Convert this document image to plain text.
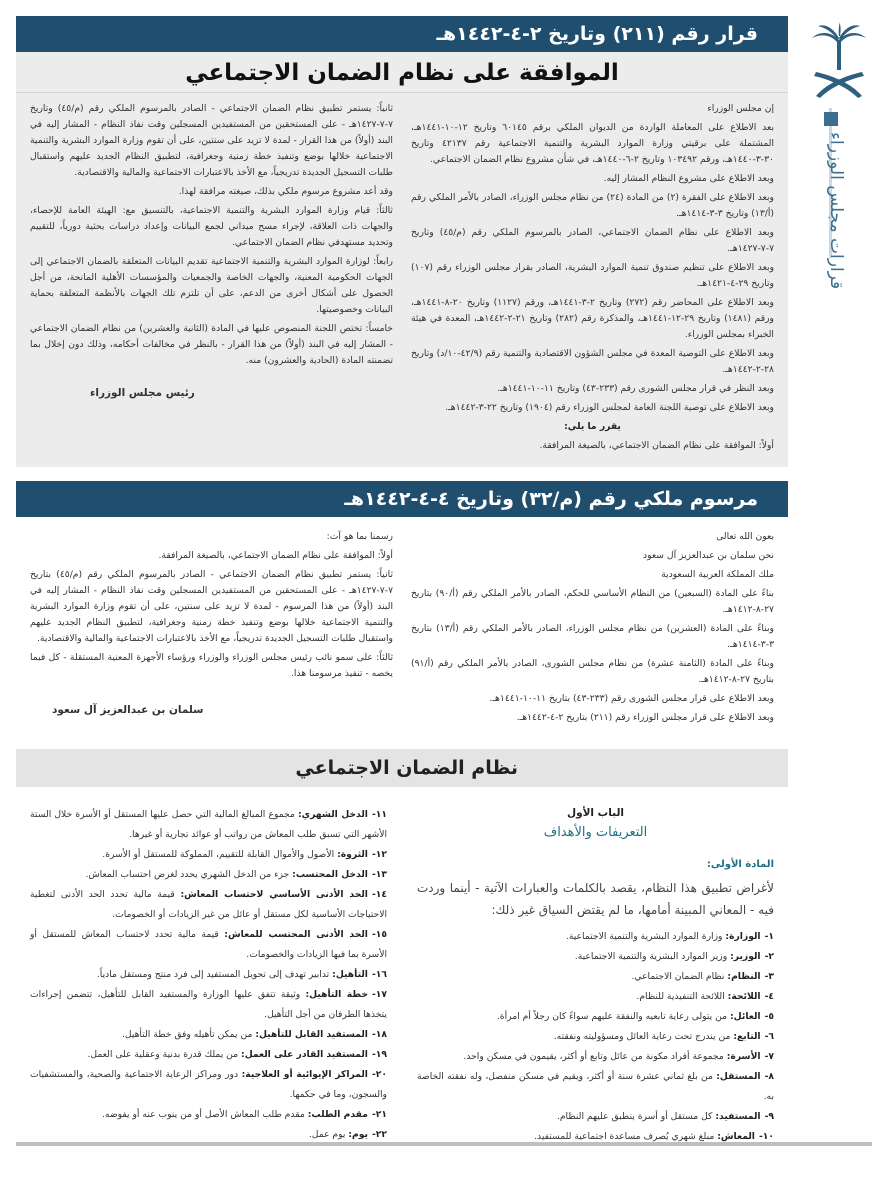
قرارات مجلس الوزراء
قرار رقم (٢١١) وتاريخ ٢-٤-١٤٤٢هـ
الموافقة على نظام الضمان الاجتماعي

إن مجلس الوزراء

بعد الاطلاع على المعاملة الواردة من الديوان الملكي برقم ٦٠١٤٥ وتاريخ ١٢-١٠-١٤٤١هـ، المشتملة على برقيتي وزارة الموارد البشرية والتنمية الاجتماعية رقم ٤٢١٣٧ وتاريخ ٣٠-٣-١٤٤٠هـ، ورقم ١٠٣٤٩٢ وتاريخ ٢-٦-١٤٤٠هـ، في شأن مشروع نظام الضمان الاجتماعي.

وبعد الاطلاع على مشروع النظام المشار إليه.

وبعد الاطلاع على الفقرة (٢) من المادة (٢٤) من نظام مجلس الوزراء، الصادر بالأمر الملكي رقم (أ/١٣) وتاريخ ٣-٣-١٤١٤هـ.

وبعد الاطلاع على نظام الضمان الاجتماعي، الصادر بالمرسوم الملكي رقم (م/٤٥) وتاريخ ٧-٧-١٤٢٧هـ.

وبعد الاطلاع على تنظيم صندوق تنمية الموارد البشرية، الصادر بقرار مجلس الوزراء رقم (١٠٧) وتاريخ ٢٩-٤-١٤٢١هـ.

وبعد الاطلاع على المحاضر رقم (٢٧٢) وتاريخ ٢-٣-١٤٤١هـ، ورقم (١١٢٧) وتاريخ ٢٠-٨-١٤٤١هـ، ورقم (١٤٨١) وتاريخ ٢٩-١٢-١٤٤١هـ، والمذكرة رقم (٢٨٢) وتاريخ ٢١-٢-١٤٤٢هـ، المعدة في هيئة الخبراء بمجلس الوزراء.

وبعد الاطلاع على التوصية المعدة في مجلس الشؤون الاقتصادية والتنمية رقم (٤٢/٩-١٠/د) وتاريخ ٢٨-٢-١٤٤٢هـ.

وبعد النظر في قرار مجلس الشورى رقم (٢٣٣-٤٣) وتاريخ ١١-١٠-١٤٤١هـ.

وبعد الاطلاع على توصية اللجنة العامة لمجلس الوزراء رقم (١٩٠٤) وتاريخ ٢٢-٣-١٤٤٢هـ.

يقرر ما يلي:

أولاً: الموافقة على نظام الضمان الاجتماعي، بالصيغة المرافقة.

ثانياً: يستمر تطبيق نظام الضمان الاجتماعي - الصادر بالمرسوم الملكي رقم (م/٤٥) وتاريخ ٧-٧-١٤٢٧هـ - على المستحقين من المستفيدين المسجلين وقت نفاذ النظام - المشار إليه في البند (أولاً) من هذا القرار - لمدة لا تزيد على سنتين، على أن تقوم وزارة الموارد البشرية والتنمية الاجتماعية خلالها بوضع وتنفيذ خطة زمنية وجغرافية، لتطبيق النظام الجديد عليهم واستقبال طلبات التسجيل الجديدة تدريجياً، مع الأخذ بالاعتبارات الاجتماعية والمالية والاقتصادية.

وقد أعد مشروع مرسوم ملكي بذلك، صيغته مرافقة لهذا.

ثالثاً: قيام وزارة الموارد البشرية والتنمية الاجتماعية، بالتنسيق مع: الهيئة العامة للإحصاء، والجهات ذات العلاقة، لإجراء مسح ميداني لجمع البيانات وإعداد دراسات بحثية دورياً، للتقييم وتحديد مستهدفي نظام الضمان الاجتماعي.

رابعاً: لوزارة الموارد البشرية والتنمية الاجتماعية تقديم البيانات المتعلقة بالضمان الاجتماعي إلى الجهات الحكومية المعنية، والجهات الخاصة والجمعيات والمؤسسات الأهلية المانحة، من أجل الحصول على أشكال أخرى من الدعم، على أن تلتزم تلك الجهات بالأنظمة المتعلقة بحماية البيانات وخصوصيتها.

خامساً: تختص اللجنة المنصوص عليها في المادة (الثانية والعشرين) من نظام الضمان الاجتماعي - المشار إليه في البند (أولاً) من هذا القرار - بالنظر في مخالفات أحكامه، وذلك دون إخلال بما تضمنته المادة (الحادية والعشرون) منه.

رئيس مجلس الوزراء
مرسوم ملكي رقم (م/٣٢) وتاريخ ٤-٤-١٤٤٢هـ

بعون الله تعالى

نحن سلمان بن عبدالعزيز آل سعود

ملك المملكة العربية السعودية

بناءً على المادة (السبعين) من النظام الأساسي للحكم، الصادر بالأمر الملكي رقم (أ/٩٠) بتاريخ ٢٧-٨-١٤١٢هـ.

وبناءً على المادة (العشرين) من نظام مجلس الوزراء، الصادر بالأمر الملكي رقم (أ/١٣) بتاريخ ٣-٣-١٤١٤هـ.

وبناءً على المادة (الثامنة عشرة) من نظام مجلس الشورى، الصادر بالأمر الملكي رقم (أ/٩١) بتاريخ ٢٧-٨-١٤١٢هـ.

وبعد الاطلاع على قرار مجلس الشورى رقم (٢٣٣-٤٣) بتاريخ ١١-١٠-١٤٤١هـ.

وبعد الاطلاع على قرار مجلس الوزراء رقم (٢١١) بتاريخ ٢-٤-١٤٤٢هـ.

رسمنا بما هو آت:

أولاً: الموافقة على نظام الضمان الاجتماعي، بالصيغة المرافقة.

ثانياً: يستمر تطبيق نظام الضمان الاجتماعي - الصادر بالمرسوم الملكي رقم (م/٤٥) بتاريخ ٧-٧-١٤٢٧هـ - على المستحقين من المستفيدين المسجلين وقت نفاذ النظام - المشار إليه في البند (أولاً) من هذا المرسوم - لمدة لا تزيد على سنتين، على أن تقوم وزارة الموارد البشرية والتنمية الاجتماعية خلالها بوضع وتنفيذ خطة زمنية وجغرافية، لتطبيق النظام الجديد عليهم واستقبال طلبات التسجيل الجديدة تدريجياً، مع الأخذ بالاعتبارات الاجتماعية والمالية والاقتصادية.

ثالثاً: على سمو نائب رئيس مجلس الوزراء والوزراء ورؤساء الأجهزة المعنية المستقلة - كل فيما يخصه - تنفيذ مرسومنا هذا.

سلمان بن عبدالعزيز آل سعود
نظام الضمان الاجتماعي
الباب الأول
التعريفات والأهداف
المادة الأولى:
لأغراض تطبيق هذا النظام، يقصد بالكلمات والعبارات الآتية - أينما وردت فيه - المعاني المبينة أمامها، ما لم يقتض السياق غير ذلك:
١-الوزارة: وزارة الموارد البشرية والتنمية الاجتماعية.
٢-الوزير: وزير الموارد البشرية والتنمية الاجتماعية.
٣-النظام: نظام الضمان الاجتماعي.
٤-اللائحة: اللائحة التنفيذية للنظام.
٥-العائل: من يتولى رعاية تابعيه والنفقة عليهم سواءً كان رجلاً أم امرأة.
٦-التابع: من يندرج تحت رعاية العائل ومسؤوليته ونفقته.
٧-الأسرة: مجموعة أفراد مكونة من عائل وتابع أو أكثر، يقيمون في مسكن واحد.
٨-المستقل: من بلغ ثماني عشرة سنة أو أكثر، ويقيم في مسكن منفصل، وله نفقته الخاصة به.
٩-المستفيد: كل مستقل أو أسرة ينطبق عليهم النظام.
١٠-المعاش: مبلغ شهري يُصرف مساعدة اجتماعية للمستفيد.
١١-الدخل الشهري: مجموع المبالغ المالية التي حصل عليها المستقل أو الأسرة خلال الستة الأشهر التي تسبق طلب المعاش من رواتب أو عوائد تجارية أو غيرها.
١٢-الثروة: الأصول والأموال القابلة للتقييم، المملوكة للمستقل أو الأسرة.
١٣-الدخل المحتسب: جزء من الدخل الشهري يحدد لغرض احتساب المعاش.
١٤-الحد الأدنى الأساسي لاحتساب المعاش: قيمة مالية تحدد الحد الأدنى لتغطية الاحتياجات الأساسية لكل مستقل أو عائل من غير الزيادات أو الخصومات.
١٥-الحد الأدنى المحتسب للمعاش: قيمة مالية تحدد لاحتساب المعاش للمستقل أو الأسرة بما فيها الزيادات والخصومات.
١٦-التأهيل: تدابير تهدف إلى تحويل المستفيد إلى فرد منتج ومستقل مادياً.
١٧-خطة التأهيل: وثيقة تتفق عليها الوزارة والمستفيد القابل للتأهيل، تتضمن إجراءات يتخذها الطرفان من أجل التأهيل.
١٨-المستفيد القابل للتأهيل: من يمكن تأهيله وفق خطة التأهيل.
١٩-المستفيد القادر على العمل: من يملك قدرة بدنية وعقلية على العمل.
٢٠-المراكز الإيوائية أو العلاجية: دور ومراكز الرعاية الاجتماعية والصحية، والمستشفيات والسجون، وما في حكمها.
٢١-مقدم الطلب: مقدم طلب المعاش الأصل أو من ينوب عنه أو يفوضه.
٢٢-يوم: يوم عمل.
